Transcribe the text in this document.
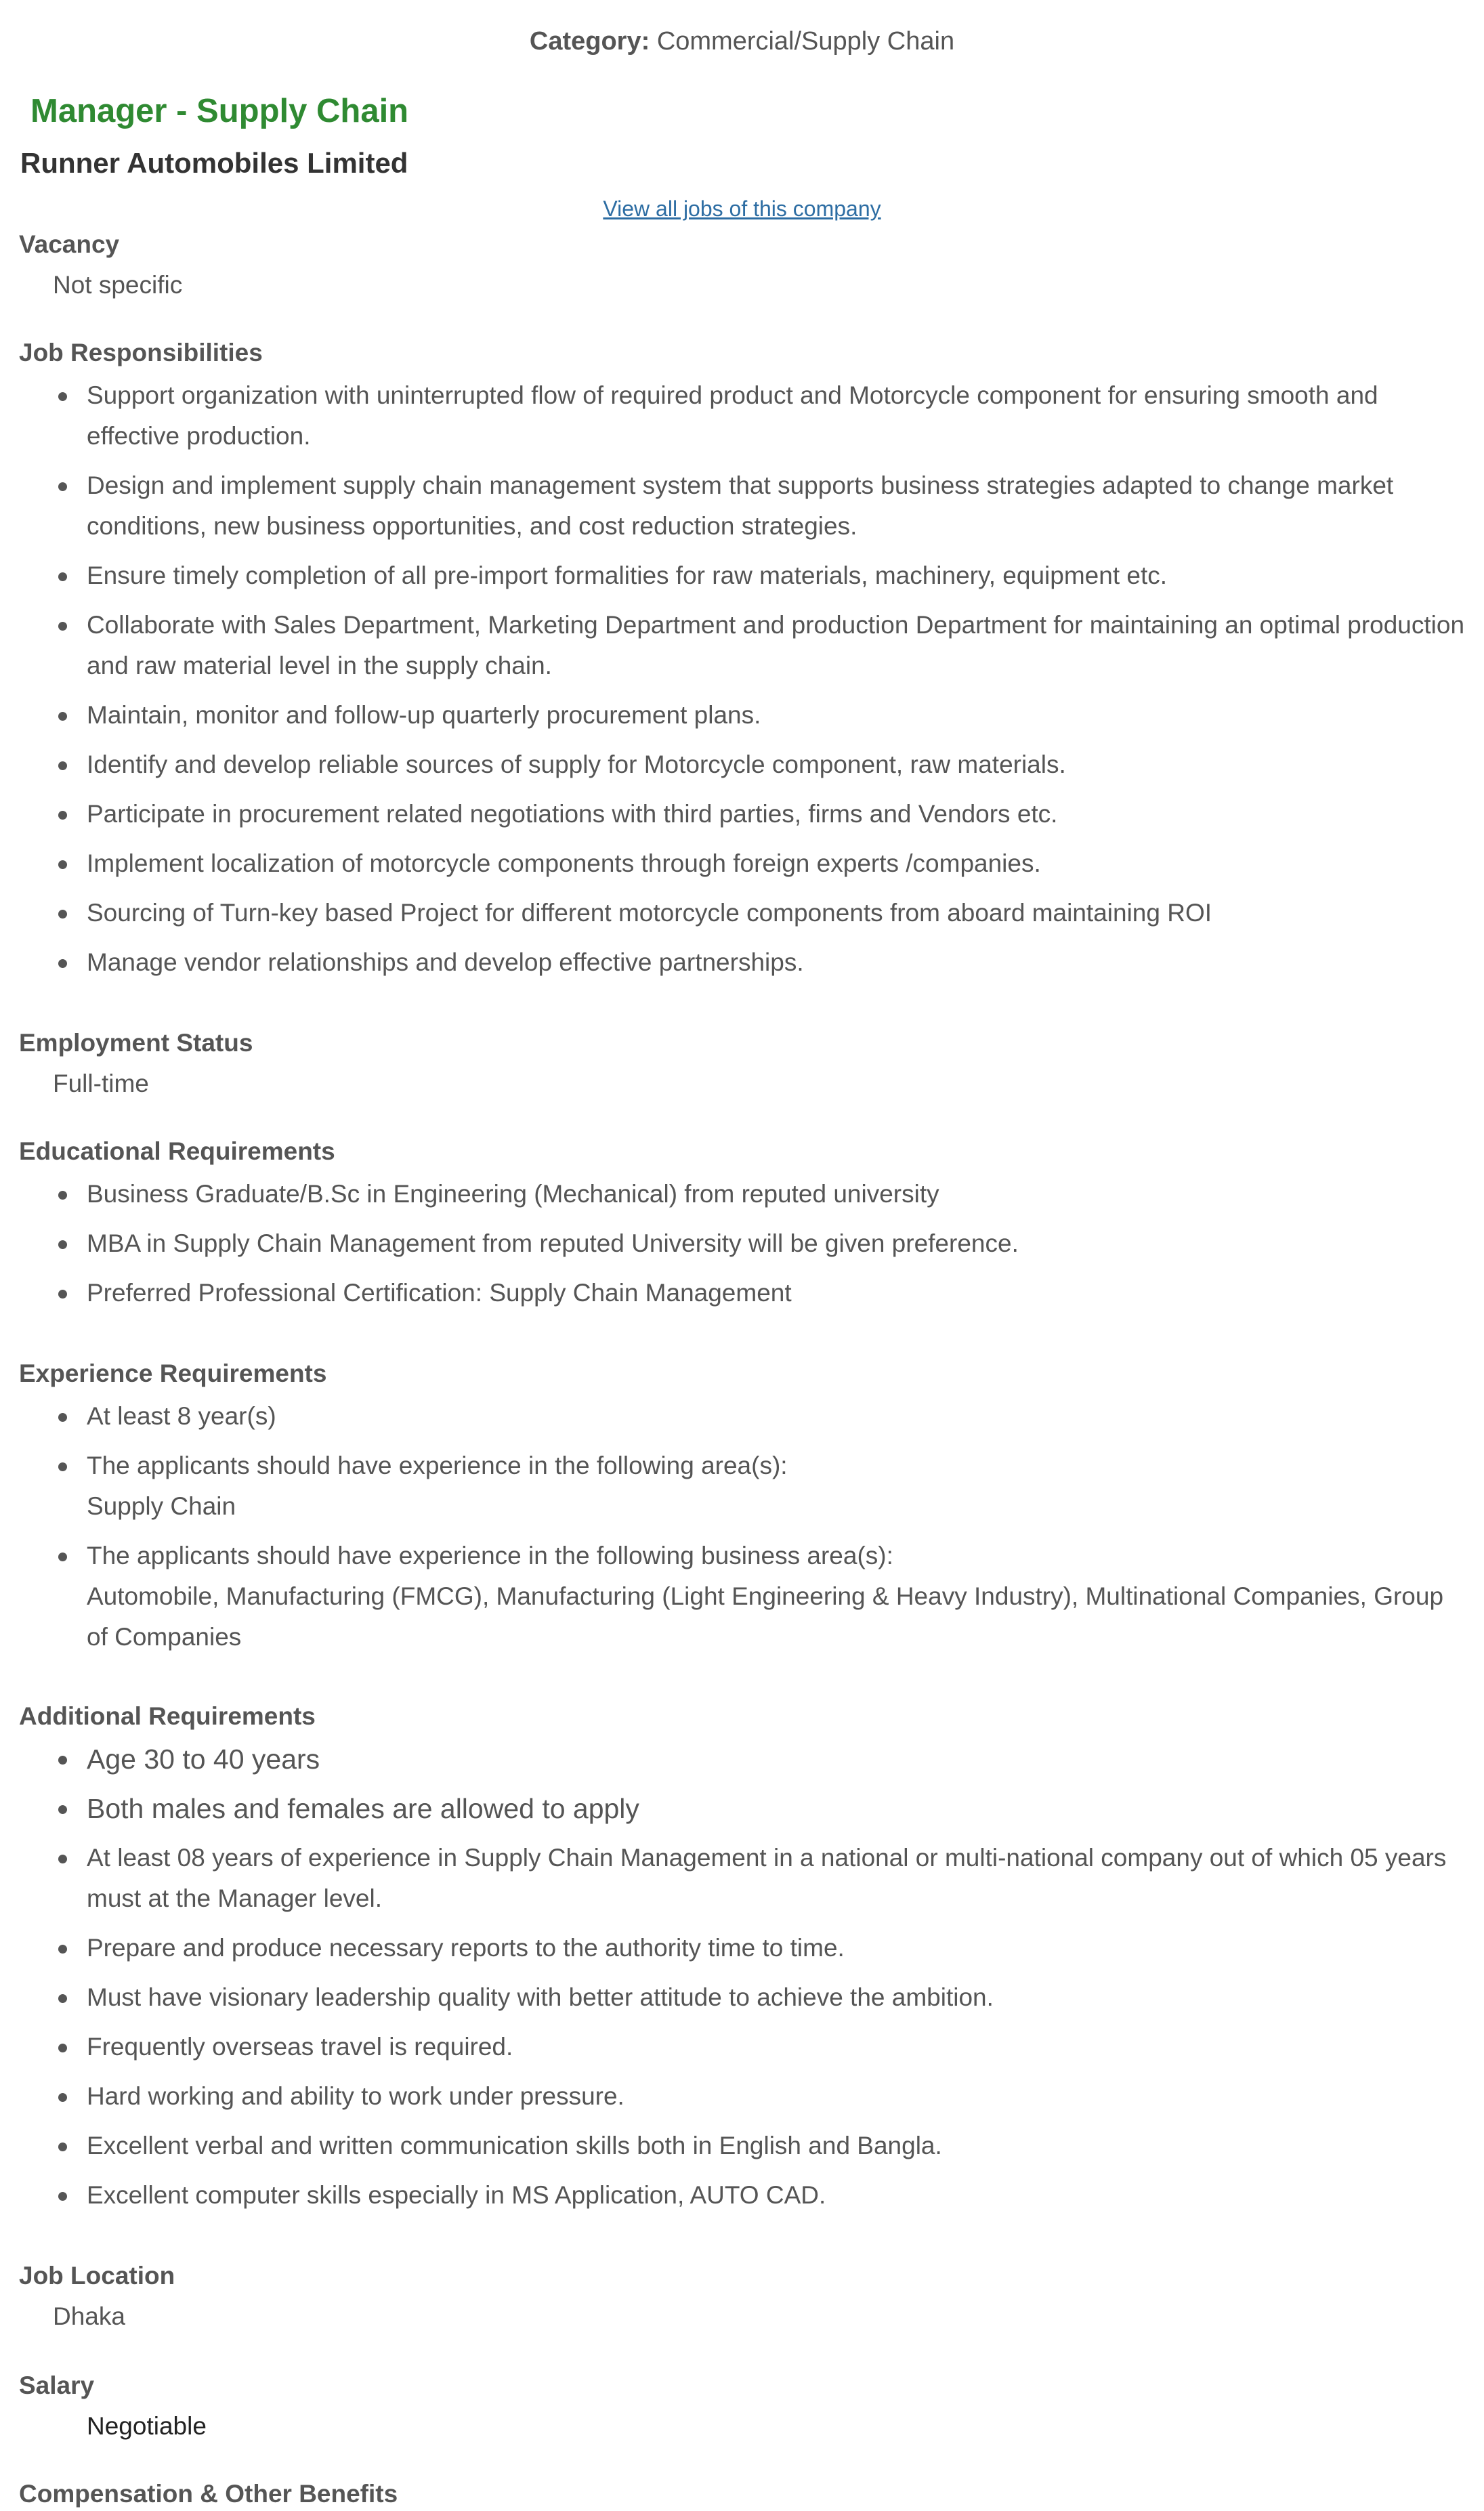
Category: Commercial/Supply Chain
Manager - Supply Chain
Runner Automobiles Limited
View all jobs of this company
Vacancy
Not specific
Job Responsibilities
Support organization with uninterrupted flow of required product and Motorcycle component for ensuring smooth and effective production.
Design and implement supply chain management system that supports business strategies adapted to change market conditions, new business opportunities, and cost reduction strategies.
Ensure timely completion of all pre-import formalities for raw materials, machinery, equipment etc.
Collaborate with Sales Department, Marketing Department and production Department for maintaining an optimal production and raw material level in the supply chain.
Maintain, monitor and follow-up quarterly procurement plans.
Identify and develop reliable sources of supply for Motorcycle component, raw materials.
Participate in procurement related negotiations with third parties, firms and Vendors etc.
Implement localization of motorcycle components through foreign experts /companies.
Sourcing of Turn-key based Project for different motorcycle components from aboard maintaining ROI
Manage vendor relationships and develop effective partnerships.
Employment Status
Full-time
Educational Requirements
Business Graduate/B.Sc in Engineering (Mechanical) from reputed university
MBA in Supply Chain Management from reputed University will be given preference.
Preferred Professional Certification: Supply Chain Management
Experience Requirements
At least 8 year(s)
The applicants should have experience in the following area(s):
Supply Chain
The applicants should have experience in the following business area(s):
Automobile, Manufacturing (FMCG), Manufacturing (Light Engineering & Heavy Industry), Multinational Companies, Group of Companies
Additional Requirements
Age 30 to 40 years
Both males and females are allowed to apply
At least 08 years of experience in Supply Chain Management in a national or multi-national company out of which 05 years must at the Manager level.
Prepare and produce necessary reports to the authority time to time.
Must have visionary leadership quality with better attitude to achieve the ambition.
Frequently overseas travel is required.
Hard working and ability to work under pressure.
Excellent verbal and written communication skills both in English and Bangla.
Excellent computer skills especially in MS Application, AUTO CAD.
Job Location
Dhaka
Salary
Negotiable
Compensation & Other Benefits
